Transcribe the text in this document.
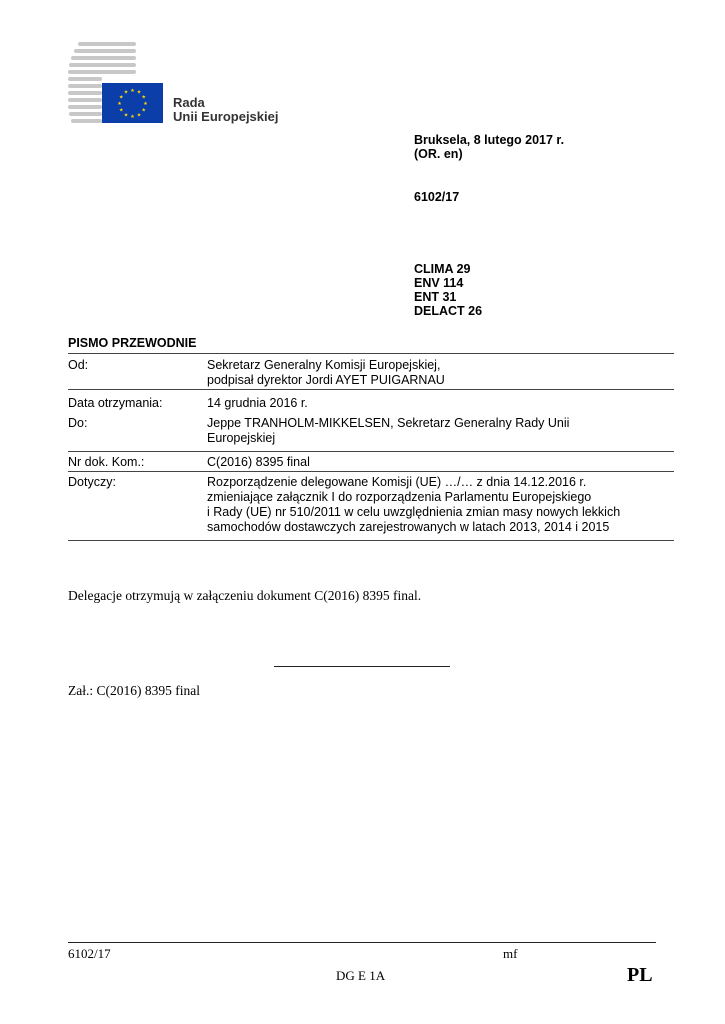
★ ★
★
★
★
★
★
★
★
★
★
★
Rada
Unii Europejskiej
Bruksela, 8 lutego 2017 r.
(OR. en)
6102/17
CLIMA 29
ENV 114
ENT 31
DELACT 26
PISMO PRZEWODNIE
Od:	Sekretarz Generalny Komisji Europejskiej,
podpisał dyrektor Jordi AYET PUIGARNAU
Data otrzymania:	14 grudnia 2016 r.
Do:	Jeppe TRANHOLM-MIKKELSEN, Sekretarz Generalny Rady Unii
Europejskiej
Nr dok. Kom.:	C(2016) 8395 final
Dotyczy:	Rozporządzenie delegowane Komisji (UE) …/… z dnia 14.12.2016 r.
zmieniające załącznik I do rozporządzenia Parlamentu Europejskiego
i Rady (UE) nr 510/2011 w celu uwzględnienia zmian masy nowych lekkich
samochodów dostawczych zarejestrowanych w latach 2013, 2014 i 2015
Delegacje otrzymują w załączeniu dokument C(2016) 8395 final.
Zał.: C(2016) 8395 final
6102/17	mf
DG E 1A	PL
